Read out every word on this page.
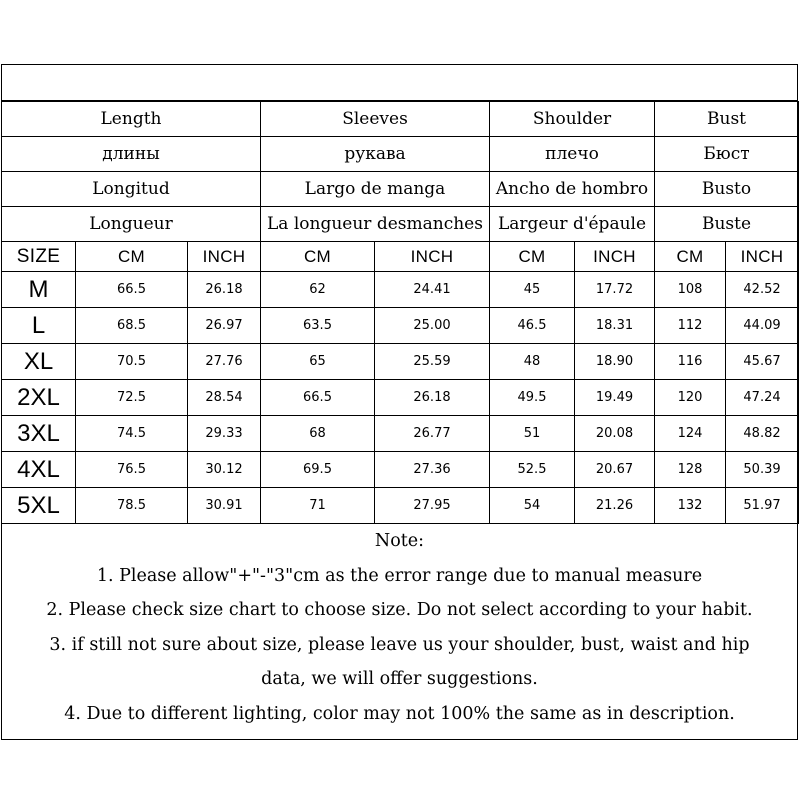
Length			Sleeves		Shoulder		Bust	
длины			рукава		плечо		Бюст	
Longitud			Largo de manga		Ancho de hombro		Busto	
Longueur			La longueur desmanches		Largeur d'épaule		Buste	
SIZE	CM	INCH	CM	INCH	CM	INCH	CM	INCH
M	66.5	26.18	62	24.41	45	17.72	108	42.52
L	68.5	26.97	63.5	25.00	46.5	18.31	112	44.09
XL	70.5	27.76	65	25.59	48	18.90	116	45.67
2XL	72.5	28.54	66.5	26.18	49.5	19.49	120	47.24
3XL	74.5	29.33	68	26.77	51	20.08	124	48.82
4XL	76.5	30.12	69.5	27.36	52.5	20.67	128	50.39
5XL	78.5	30.91	71	27.95	54	21.26	132	51.97
Note:
1. Please allow"+"-"3"cm as the error range due to manual measure
2. Please check size chart to choose size. Do not select according to your habit.
3. if still not sure about size, please leave us your shoulder, bust, waist and hip
data, we will offer suggestions.
4. Due to different lighting, color may not 100% the same as in description.
